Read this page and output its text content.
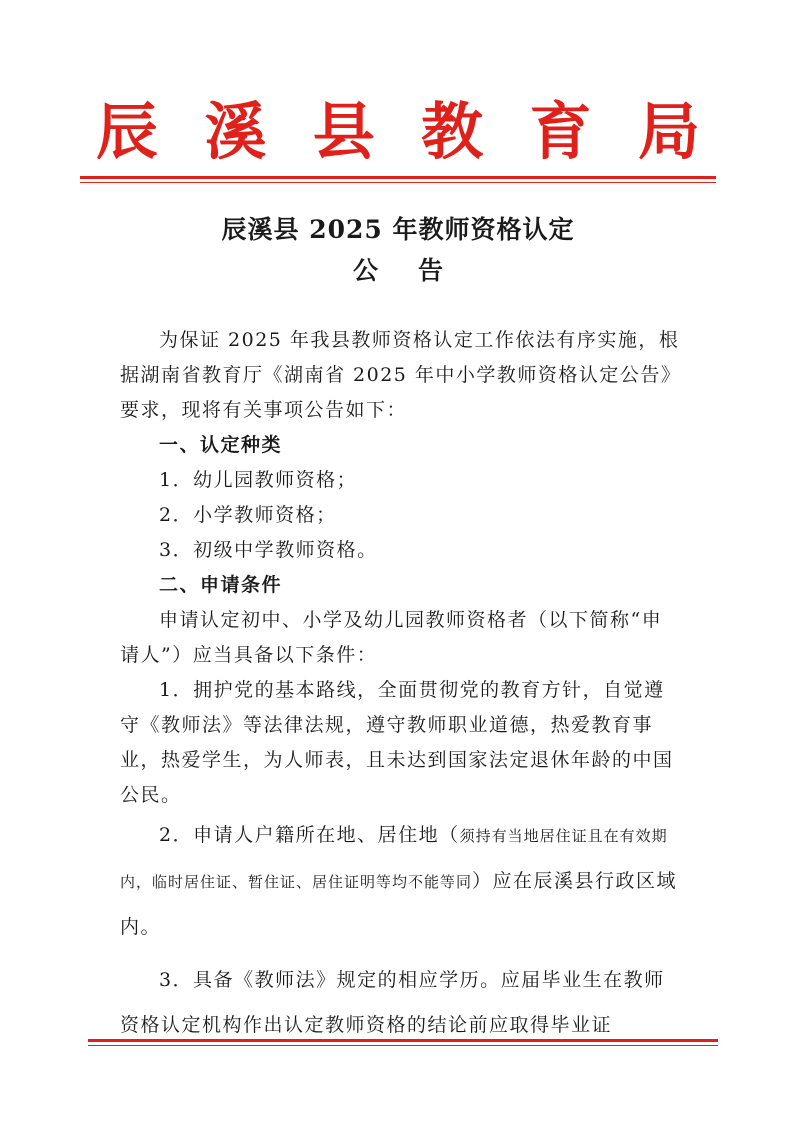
辰 溪 县 教 育 局
辰溪县 2025 年教师资格认定
公告

为保证 2025 年我县教师资格认定工作依法有序实施，根据湖南省教育厅《湖南省 2025 年中小学教师资格认定公告》要求，现将有关事项公告如下：

一、认定种类

1．幼儿园教师资格；

2．小学教师资格；

3．初级中学教师资格。

二、申请条件

申请认定初中、小学及幼儿园教师资格者（以下简称“申请人”）应当具备以下条件：

1．拥护党的基本路线，全面贯彻党的教育方针，自觉遵守《教师法》等法律法规，遵守教师职业道德，热爱教育事业，热爱学生，为人师表，且未达到国家法定退休年龄的中国公民。

2．申请人户籍所在地、居住地（须持有当地居住证且在有效期内，临时居住证、暂住证、居住证明等均不能等同）应在辰溪县行政区域内。

3．具备《教师法》规定的相应学历。应届毕业生在教师资格认定机构作出认定教师资格的结论前应取得毕业证
